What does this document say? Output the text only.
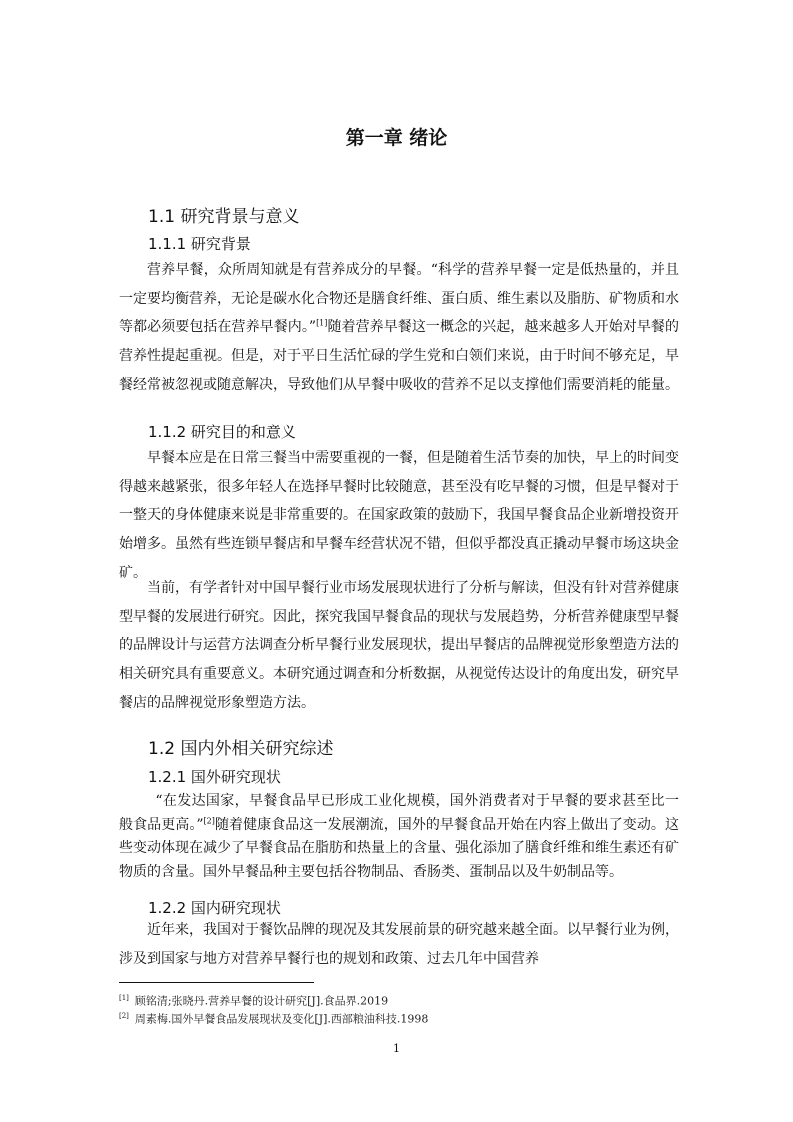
第一章 绪论
1.1 研究背景与意义
1.1.1 研究背景

营养早餐，众所周知就是有营养成分的早餐。“科学的营养早餐一定是低热量的，并且一定要均衡营养，无论是碳水化合物还是膳食纤维、蛋白质、维生素以及脂肪、矿物质和水等都必须要包括在营养早餐内。”[1]随着营养早餐这一概念的兴起，越来越多人开始对早餐的营养性提起重视。但是，对于平日生活忙碌的学生党和白领们来说，由于时间不够充足，早餐经常被忽视或随意解决，导致他们从早餐中吸收的营养不足以支撑他们需要消耗的能量。

1.1.2 研究目的和意义

早餐本应是在日常三餐当中需要重视的一餐，但是随着生活节奏的加快，早上的时间变得越来越紧张，很多年轻人在选择早餐时比较随意，甚至没有吃早餐的习惯，但是早餐对于一整天的身体健康来说是非常重要的。在国家政策的鼓励下，我国早餐食品企业新增投资开始增多。虽然有些连锁早餐店和早餐车经营状况不错，但似乎都没真正撬动早餐市场这块金矿。

当前，有学者针对中国早餐行业市场发展现状进行了分析与解读，但没有针对营养健康型早餐的发展进行研究。因此，探究我国早餐食品的现状与发展趋势，分析营养健康型早餐的品牌设计与运营方法调查分析早餐行业发展现状，提出早餐店的品牌视觉形象塑造方法的相关研究具有重要意义。本研究通过调查和分析数据，从视觉传达设计的角度出发，研究早餐店的品牌视觉形象塑造方法。

1.2 国内外相关研究综述
1.2.1 国外研究现状

“在发达国家，早餐食品早已形成工业化规模，国外消费者对于早餐的要求甚至比一般食品更高。”[2]随着健康食品这一发展潮流，国外的早餐食品开始在内容上做出了变动。这些变动体现在减少了早餐食品在脂肪和热量上的含量、强化添加了膳食纤维和维生素还有矿物质的含量。国外早餐品种主要包括谷物制品、香肠类、蛋制品以及牛奶制品等。

1.2.2 国内研究现状

近年来，我国对于餐饮品牌的现况及其发展前景的研究越来越全面。以早餐行业为例，涉及到国家与地方对营养早餐行也的规划和政策、过去几年中国营养

[1] 顾铭清;张晓丹.营养早餐的设计研究[J].食品界.2019
[2] 周素梅.国外早餐食品发展现状及变化[J].西部粮油科技.1998
1
